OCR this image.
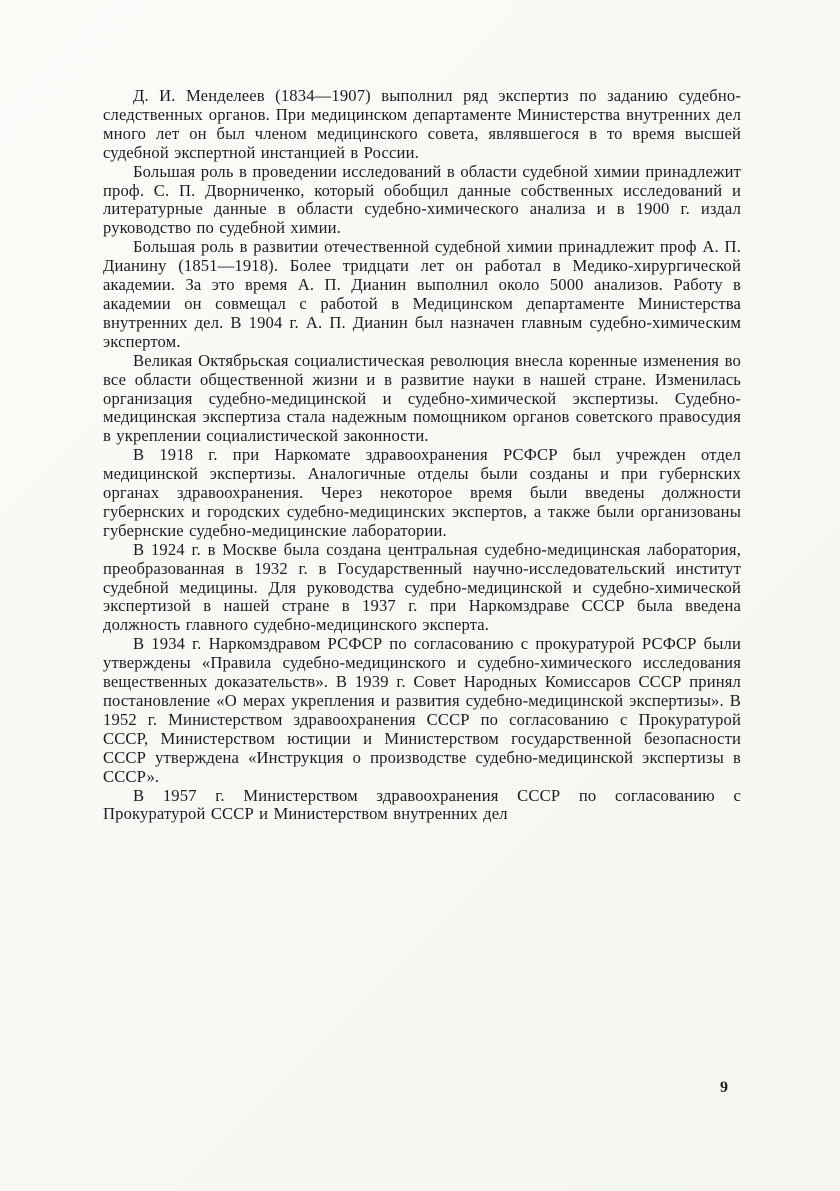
Д. И. Менделеев (1834—1907) выполнил ряд экспертиз по заданию судебно-следственных органов. При медицинском департаменте Министерства внутренних дел много лет он был членом медицинского совета, являвшегося в то время высшей судебной экспертной инстанцией в России.

Большая роль в проведении исследований в области судебной химии принадлежит проф. С. П. Дворниченко, который обобщил данные собственных исследований и литературные данные в области судебно-химического анализа и в 1900 г. издал руководство по судебной химии.

Большая роль в развитии отечественной судебной химии принадлежит проф А. П. Дианину (1851—1918). Более тридцати лет он работал в Медико-хирургической академии. За это время А. П. Дианин выполнил около 5000 анализов. Работу в академии он совмещал с работой в Медицинском департаменте Министерства внутренних дел. В 1904 г. А. П. Дианин был назначен главным судебно-химическим экспертом.

Великая Октябрьская социалистическая революция внесла коренные изменения во все области общественной жизни и в развитие науки в нашей стране. Изменилась организация судебно-медицинской и судебно-химической экспертизы. Судебно-медицинская экспертиза стала надежным помощником органов советского правосудия в укреплении социалистической законности.

В 1918 г. при Наркомате здравоохранения РСФСР был учрежден отдел медицинской экспертизы. Аналогичные отделы были созданы и при губернских органах здравоохранения. Через некоторое время были введены должности губернских и городских судебно-медицинских экспертов, а также были организованы губернские судебно-медицинские лаборатории.

В 1924 г. в Москве была создана центральная судебно-медицинская лаборатория, преобразованная в 1932 г. в Государственный научно-исследовательский институт судебной медицины. Для руководства судебно-медицинской и судебно-химической экспертизой в нашей стране в 1937 г. при Наркомздраве СССР была введена должность главного судебно-медицинского эксперта.

В 1934 г. Наркомздравом РСФСР по согласованию с прокуратурой РСФСР были утверждены «Правила судебно-медицинского и судебно-химического исследования вещественных доказательств». В 1939 г. Совет Народных Комиссаров СССР принял постановление «О мерах укрепления и развития судебно-медицинской экспертизы». В 1952 г. Министерством здравоохранения СССР по согласованию с Прокуратурой СССР, Министерством юстиции и Министерством государственной безопасности СССР утверждена «Инструкция о производстве судебно-медицинской экспертизы в СССР».

В 1957 г. Министерством здравоохранения СССР по согласованию с Прокуратурой СССР и Министерством внутренних дел

9
